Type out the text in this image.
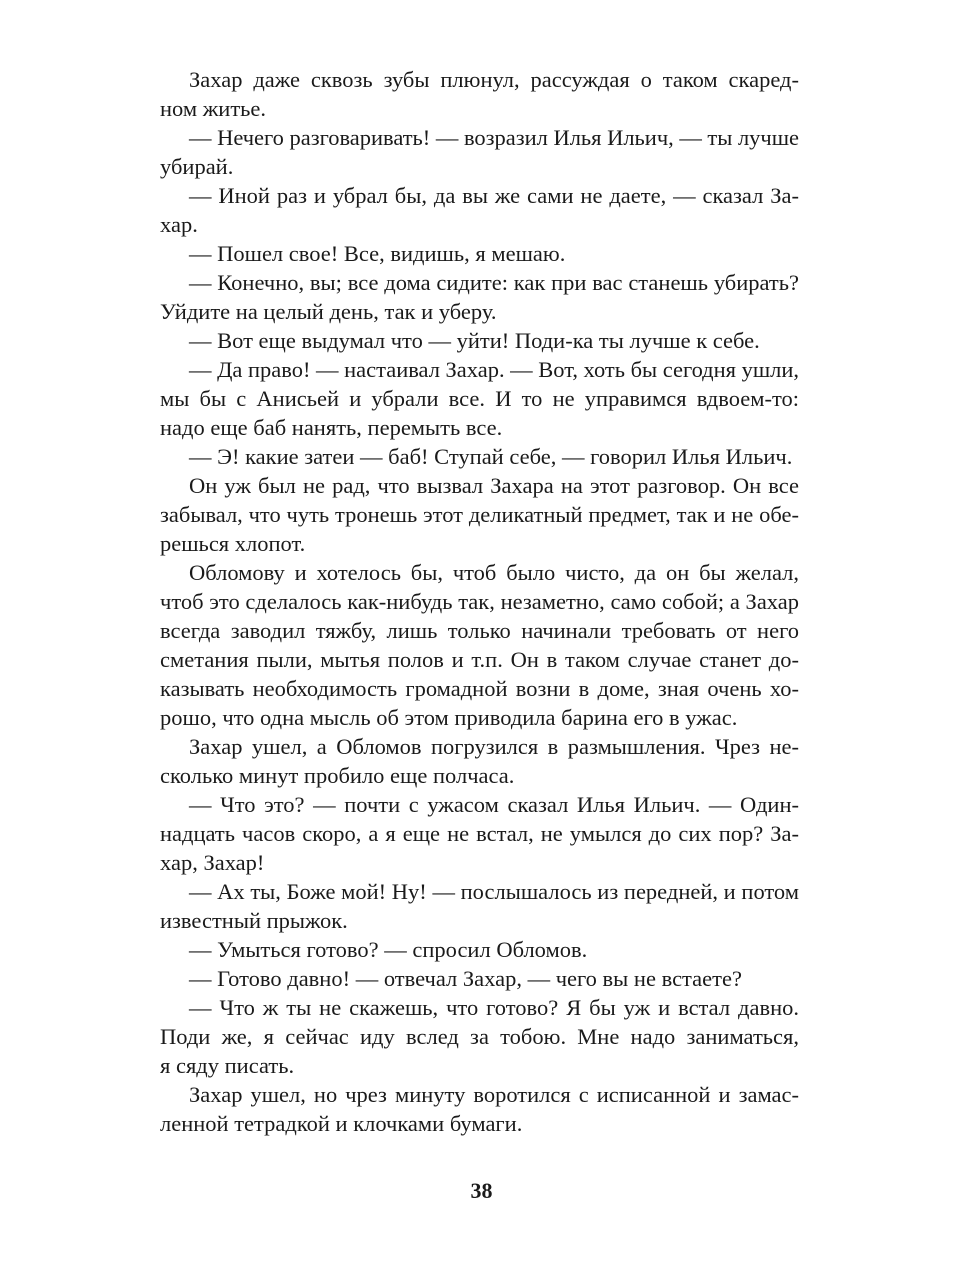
Захар даже сквозь зубы плюнул, рассуждая о таком скаред-
ном житье.

— Нечего разговаривать! — возразил Илья Ильич, — ты лучше
убирай.

— Иной раз и убрал бы, да вы же сами не даете, — сказал За-
хар.

— Пошел свое! Все, видишь, я мешаю.

— Конечно, вы; все дома сидите: как при вас станешь убирать?
Уйдите на целый день, так и уберу.

— Вот еще выдумал что — уйти! Поди-ка ты лучше к себе.

— Да право! — настаивал Захар. — Вот, хоть бы сегодня ушли,
мы бы с Анисьей и убрали все. И то не управимся вдвоем-то:
надо еще баб нанять, перемыть все.

— Э! какие затеи — баб! Ступай себе, — говорил Илья Ильич.

Он уж был не рад, что вызвал Захара на этот разговор. Он все
забывал, что чуть тронешь этот деликатный предмет, так и не обе-
решься хлопот.

Обломову и хотелось бы, чтоб было чисто, да он бы желал,
чтоб это сделалось как-нибудь так, незаметно, само собой; а Захар
всегда заводил тяжбу, лишь только начинали требовать от него
сметания пыли, мытья полов и т.п. Он в таком случае станет до-
казывать необходимость громадной возни в доме, зная очень хо-
рошо, что одна мысль об этом приводила барина его в ужас.

Захар ушел, а Обломов погрузился в размышления. Чрез не-
сколько минут пробило еще полчаса.

— Что это? — почти с ужасом сказал Илья Ильич. — Один-
надцать часов скоро, а я еще не встал, не умылся до сих пор? За-
хар, Захар!

— Ах ты, Боже мой! Ну! — послышалось из передней, и потом
известный прыжок.

— Умыться готово? — спросил Обломов.

— Готово давно! — отвечал Захар, — чего вы не встаете?

— Что ж ты не скажешь, что готово? Я бы уж и встал давно.
Поди же, я сейчас иду вслед за тобою. Мне надо заниматься,
я сяду писать.

Захар ушел, но чрез минуту воротился с исписанной и замас-
ленной тетрадкой и клочками бумаги.

38
